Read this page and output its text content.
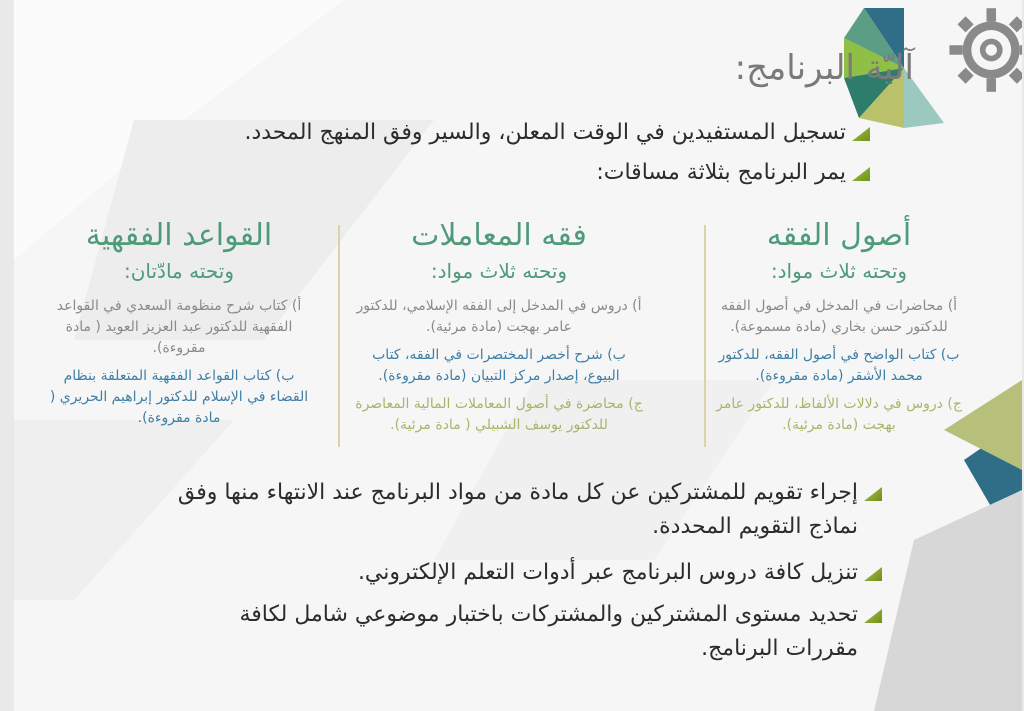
آليّة البرنامج:
تسجيل المستفيدين في الوقت المعلن، والسير وفق المنهج المحدد.
يمر البرنامج بثلاثة مساقات:
أصول الفقه
وتحته ثلاث مواد:
أ) محاضرات في المدخل في أصول الفقه للدكتور حسن بخاري (مادة مسموعة).
ب) كتاب الواضح في أصول الفقه، للدكتور محمد الأشقر (مادة مقروءة).
ج) دروس في دلالات الألفاظ، للدكتور عامر بهجت (مادة مرئية).
فقه المعاملات
وتحته ثلاث مواد:
أ) دروس في المدخل إلى الفقه الإسلامي، للدكتور عامر بهجت (مادة مرئية).
ب) شرح أخصر المختصرات في الفقه، كتاب البيوع، إصدار مركز التبيان (مادة مقروءة).
ج) محاضرة في أصول المعاملات المالية المعاصرة للدكتور يوسف الشبيلي ( مادة مرئية).
القواعد الفقهية
وتحته مادّتان:
أ) كتاب شرح منظومة السعدي في القواعد الفقهية للدكتور عبد العزيز العويد ( مادة مقروءة).
ب) كتاب القواعد الفقهية المتعلقة بنظام القضاء في الإسلام للدكتور إبراهيم الحريري ( مادة مقروءة).
إجراء تقويم للمشتركين عن كل مادة من مواد البرنامج عند الانتهاء منها وفق نماذج التقويم المحددة.
تنزيل كافة دروس البرنامج عبر أدوات التعلم الإلكتروني.
تحديد مستوى المشتركين والمشتركات باختبار موضوعي شامل لكافة مقررات البرنامج.
